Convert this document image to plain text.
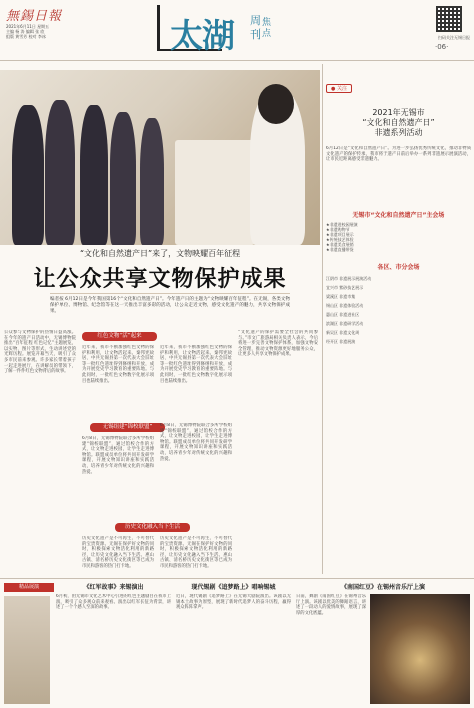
無錫日報
2021年6月11日 星期五
主编 杨 涛 编辑 张 欣
组版 黄雪芳 校对 李冰	太湖 周刊
焦点	扫码关注无锡日报
·06·
“文化和自然遗产日”来了，文物映耀百年征程
让公众共享文物保护成果
编者按 6月12日是今年我国第16个“文化和自然遗产日”。今年遗产日的主题为“文物映耀百年征程”。在无锡，各类文物保护单位、博物馆、纪念馆等在这一天推出丰富多彩的活动，让公众走近文物，感受文化遗产的魅力，共享文物保护成果。
公众参与文物保护的热情日益高涨。在今年的遗产日活动中，无锡博物院推出“百年征程 红色记忆”主题展览，以实物、图片等形式，生动讲述党的光辉历程。展览开幕当天，吸引了众多市民前来参观。许多家长带着孩子一起走进展厅，在讲解员的带领下，了解一件件红色文物背后的故事。
红色文物“活”起来
近年来，我市不断加强红色文物的保护和利用，让文物活起来。秦邦宪故居、中共无锡县第一次代表大会旧址等一批红色遗址得到修缮和开放，成为开展党史学习教育的重要阵地。与此同时，一批红色文物数字化展示项目也陆续推出。
近年来，我市不断加强红色文物的保护和利用，让文物活起来。秦邦宪故居、中共无锡县第一次代表大会旧址等一批红色遗址得到修缮和开放，成为开展党史学习教育的重要阵地。与此同时，一批红色文物数字化展示项目也陆续推出。
“文化遗产的保护需要全社会的共同参与。”市文广旅游局相关负责人表示，今后将进一步完善文物保护体系，加强文物安全管理，推动文物资源更好地服务公众，让更多人共享文物保护成果。
无锡组建“锦校联盟”
6月8日，无锡博物院联合多所学校组建“锦校联盟”，通过馆校合作的方式，让文物走进校园，让学生走进博物馆。联盟成员单位将共同开发研学课程，开展文物知识讲座和实践活动，培养青少年对传统文化的兴趣和热爱。
6月8日，无锡博物院联合多所学校组建“锦校联盟”，通过馆校合作的方式，让文物走进校园，让学生走进博物馆。联盟成员单位将共同开发研学课程，开展文物知识讲座和实践活动，培养青少年对传统文化的兴趣和热爱。
历史文化融入当下生活
历史文化遗产是不可再生、不可替代的宝贵资源。无锡在保护好文物的同时，积极探索文物活化利用的新路径，让历史文化融入当下生活。惠山古镇、清名桥历史文化街区等已成为市民和游客的热门打卡地。
历史文化遗产是不可再生、不可替代的宝贵资源。无锡在保护好文物的同时，积极探索文物活化利用的新路径，让历史文化融入当下生活。惠山古镇、清名桥历史文化街区等已成为市民和游客的热门打卡地。
● 关注
2021年无锡市
“文化和自然遗产日”
非遗系列活动
6月12日是“文化和自然遗产日”。为进一步弘扬优秀传统文化，推动非物质文化遗产的保护传承，我市将于遗产日前后举办一系列非遗展示展演活动，让市民近距离感受非遗魅力。
无锡市“文化和自然遗产日”主会场
★非遗进校园展演
★非遗购物节
★非遗项目展示
★传统技艺体验
★非遗美食展销
★非遗直播带货
各区、市分会场
江阴市 非遗展示展演活动
宜兴市 紫砂技艺展示
梁溪区 非遗市集
锡山区 非遗体验活动
惠山区 非遗进社区
滨湖区 非遗研学活动
新吴区 非遗文化周
经开区 非遗展演
精品展演	《红军故事》来锡演出
6月初，由无锡市文化艺术中心引进的红色主题剧目在我市上演，吸引了众多观众前来观看。演出以红军长征为背景，讲述了一个个感人至深的故事。
现代锡剧《追梦路上》唱响锡城
近日，现代锡剧《追梦路上》在无锡大剧院演出。该剧以无锡本土故事为原型，展现了新时代追梦人的奋斗历程，赢得观众阵阵掌声。
《南国红豆》在锡州音乐厅上演
日前，舞剧《南国红豆》在锡州音乐厅上演。该剧以优美的舞蹈语言，讲述了一段动人的爱情故事，展现了深厚的文化底蕴。
